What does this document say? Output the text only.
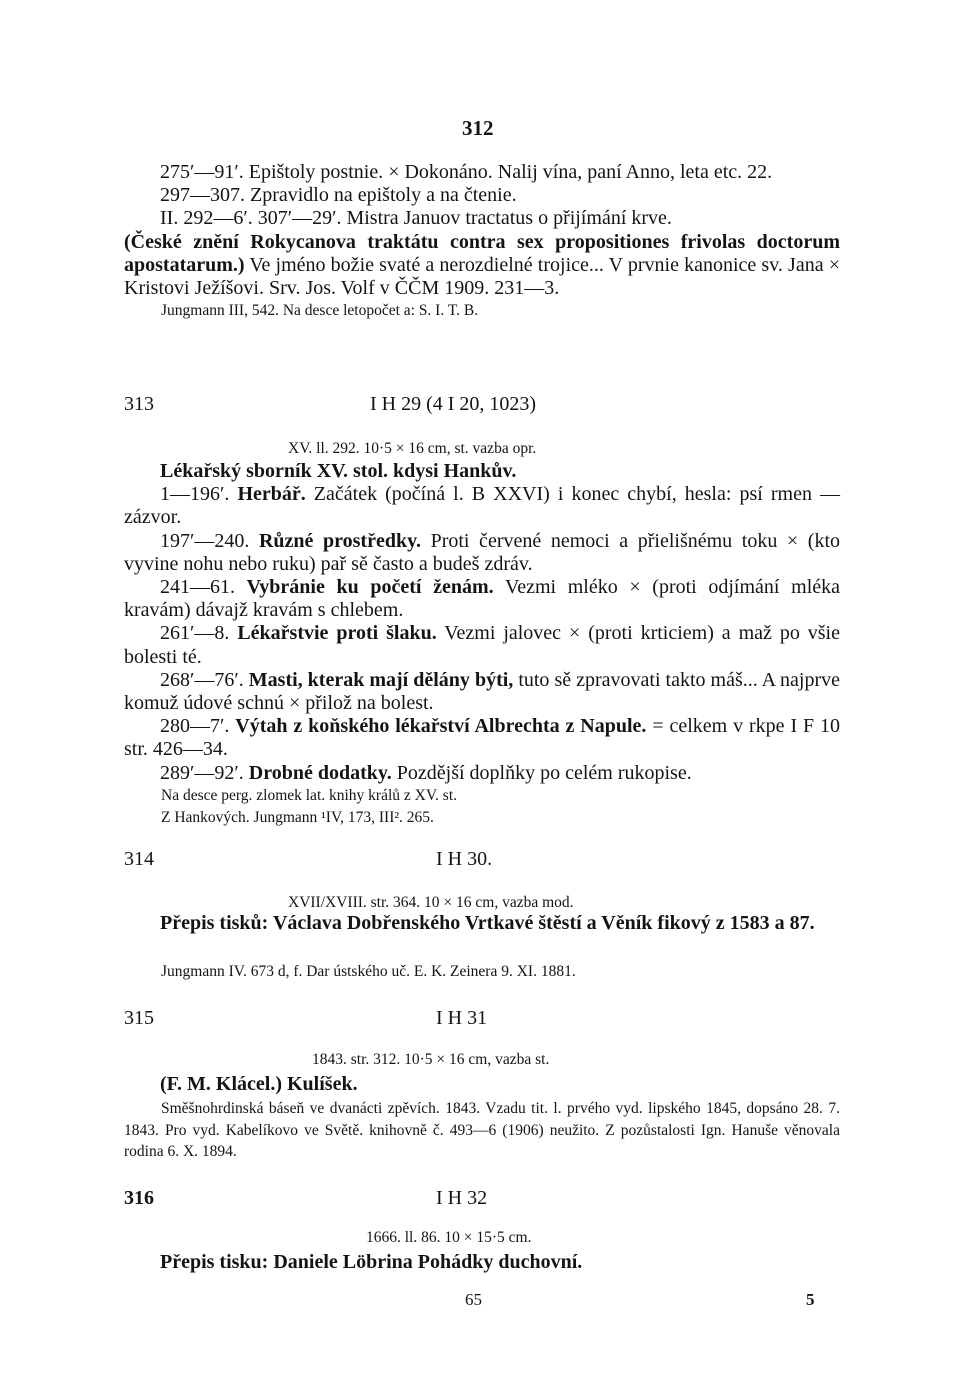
312

275′—91′. Epištoly postnie. × Dokonáno. Nalij vína, paní Anno, leta etc. 22.

297—307. Zpravidlo na epištoly a na čtenie.

II. 292—6′. 307′—29′. Mistra Januov tractatus o přijímání krve.

(České znění Rokycanova traktátu contra sex propositiones frivolas doctorum apostatarum.) Ve jméno božie svaté a nerozdielné trojice... V prvnie kanonice sv. Jana × Kristovi Ježíšovi. Srv. Jos. Volf v ČČM 1909. 231—3.

Jungmann III, 542. Na desce letopočet a: S. I. T. B.

313	I H 29 (4 I 20, 1023)
XV. ll. 292. 10·5 × 16 cm, st. vazba opr.

Lékařský sborník XV. stol. kdysi Hankův.

1—196′. Herbář. Začátek (počíná l. B XXVI) i konec chybí, hesla: psí rmen — zázvor.

197′—240. Různé prostředky. Proti červené nemoci a přielišnému toku × (kto vyvine nohu nebo ruku) pař sě často a budeš zdráv.

241—61. Vybránie ku početí ženám. Vezmi mléko × (proti odjímání mléka kravám) dávajž kravám s chlebem.

261′—8. Lékařstvie proti šlaku. Vezmi jalovec × (proti krticiem) a maž po všie bolesti té.

268′—76′. Masti, kterak mají dělány býti, tuto sě zpravovati takto máš... A najprve komuž údové schnú × přilož na bolest.

280—7′. Výtah z koňského lékařství Albrechta z Napule. = celkem v rkpe I F 10 str. 426—34.

289′—92′. Drobné dodatky. Pozdější doplňky po celém rukopise.

Na desce perg. zlomek lat. knihy králů z XV. st.

Z Hankových. Jungmann ¹IV, 173, III². 265.

314	I H 30.
XVII/XVIII. str. 364. 10 × 16 cm, vazba mod.
Přepis tisků: Václava Dobřenského Vrtkavé štěstí a Věník fikový z 1583 a 87.
Jungmann IV. 673 d, f. Dar ústského uč. E. K. Zeinera 9. XI. 1881.
315	I H 31
1843. str. 312. 10·5 × 16 cm, vazba st.
(F. M. Klácel.) Kulíšek.
Směšnohrdinská báseň ve dvanácti zpěvích. 1843. Vzadu tit. l. prvého vyd. lipského 1845, dopsáno 28. 7. 1843. Pro vyd. Kabelíkovo ve Světě. knihovně č. 493—6 (1906) neužito. Z pozůstalosti Ign. Hanuše věnovala rodina 6. X. 1894.
316	I H 32
1666. ll. 86. 10 × 15·5 cm.
Přepis tisku: Daniele Löbrina Pohádky duchovní.
65	5
